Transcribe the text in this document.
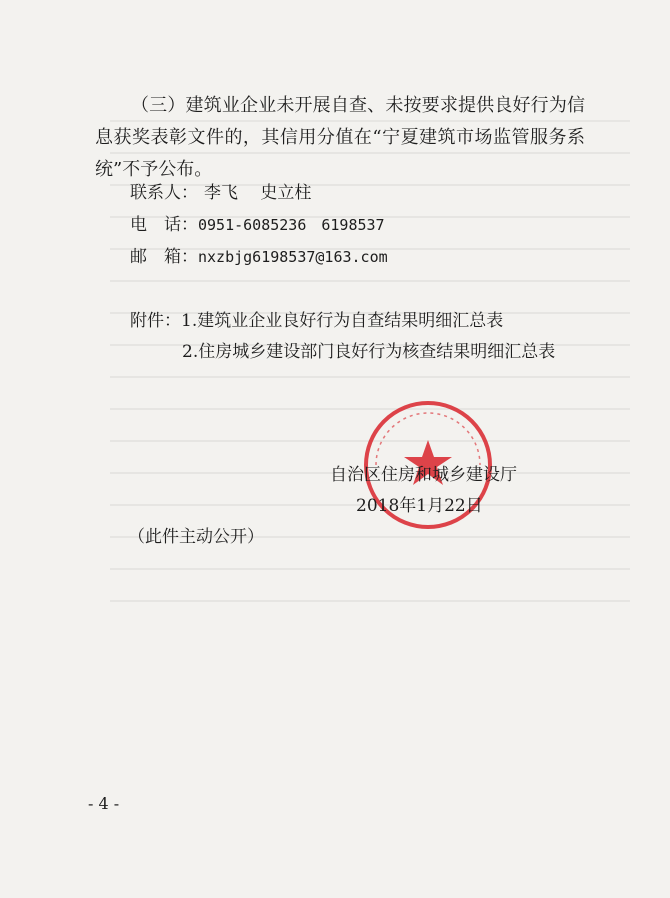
（三）建筑业企业未开展自查、未按要求提供良好行为信息获奖表彰文件的，其信用分值在“宁夏建筑市场监管服务系统”不予公布。
联系人： 李飞　 史立柱
电　话：0951-6085236　6198537
邮　箱：nxzbjg6198537@163.com
附件：1.建筑业企业良好行为自查结果明细汇总表
2.住房城乡建设部门良好行为核查结果明细汇总表
自治区住房和城乡建设厅
2018年1月22日
（此件主动公开）
- 4 -
